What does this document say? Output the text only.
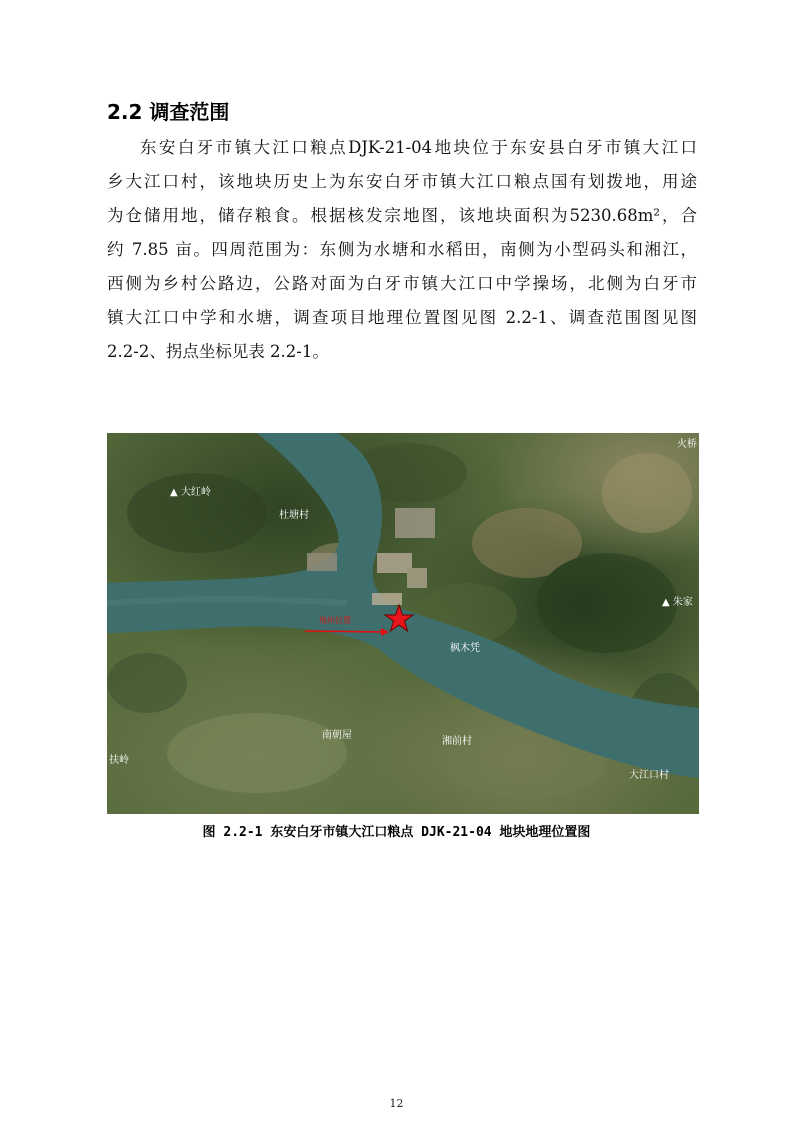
2.2 调查范围
东安白牙市镇大江口粮点DJK-21-04地块位于东安县白牙市镇大江口
乡大江口村，该地块历史上为东安白牙市镇大江口粮点国有划拨地，用途
为仓储用地，储存粮食。根据核发宗地图，该地块面积为5230.68m²，合
约 7.85 亩。四周范围为：东侧为水塘和水稻田，南侧为小型码头和湘江，
西侧为乡村公路边，公路对面为白牙市镇大江口中学操场，北侧为白牙市
镇大江口中学和水塘，调查项目地理位置图见图 2.2-1、调查范围图见图
2.2-2、拐点坐标见表 2.2-1。
▲ 大红岭
杜塘村
火桥
▲ 朱家
枫木凭
南朝屋
湘前村
扶岭
大江口村
地块位置
图 2.2-1 东安白牙市镇大江口粮点 DJK-21-04 地块地理位置图
12
